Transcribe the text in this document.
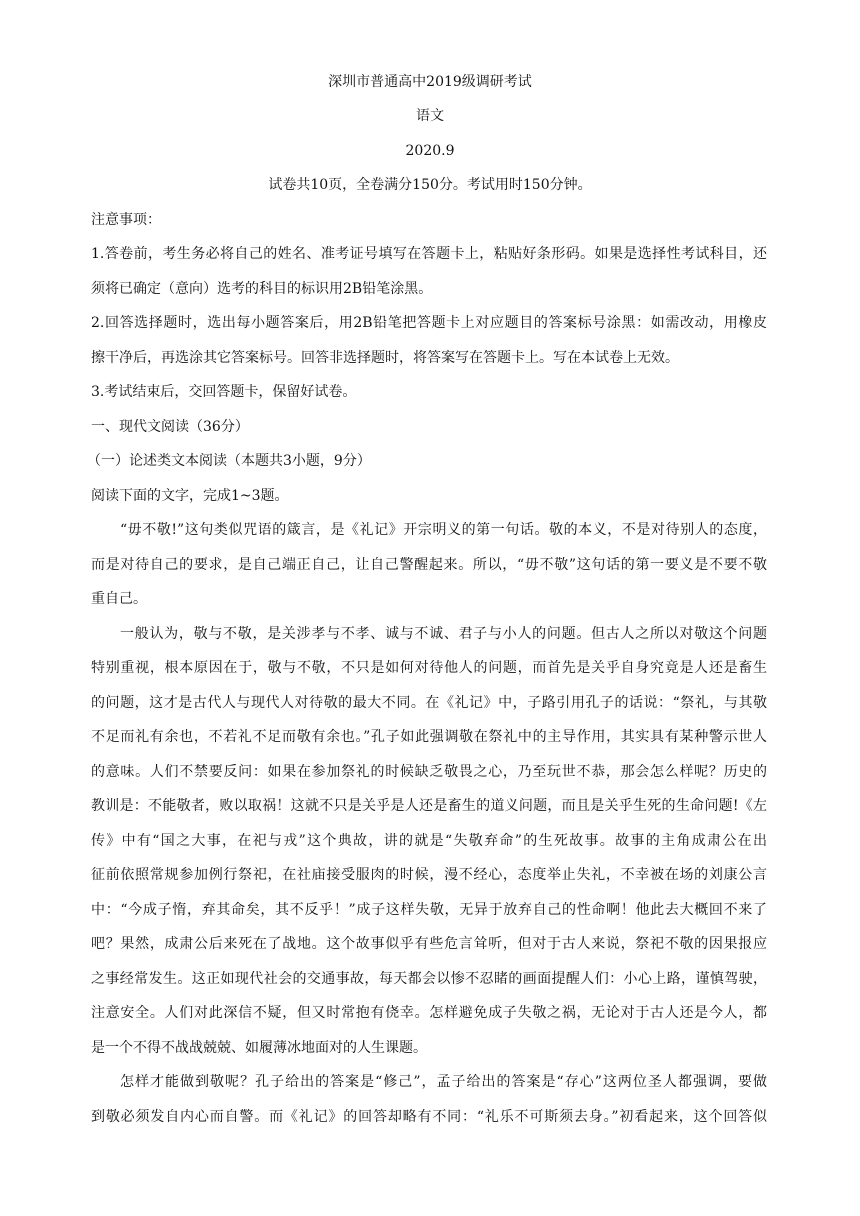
深圳市普通高中2019级调研考试
语文
2020.9
试卷共10页，全卷满分150分。考试用时150分钟。
注意事项：
1.答卷前，考生务必将自己的姓名、准考证号填写在答题卡上，粘贴好条形码。如果是选择性考试科目，还
须将已确定（意向）选考的科目的标识用2B铅笔涂黑。
2.回答选择题时，选出每小题答案后，用2B铅笔把答题卡上对应题目的答案标号涂黑：如需改动，用橡皮
擦干净后，再选涂其它答案标号。回答非选择题时，将答案写在答题卡上。写在本试卷上无效。
3.考试结束后，交回答题卡，保留好试卷。
一、现代文阅读（36分）
（一）论述类文本阅读（本题共3小题，9分）
阅读下面的文字，完成1~3题。
“毋不敬!”这句类似咒语的箴言，是《礼记》开宗明义的第一句话。敬的本义，不是对待别人的态度，
而是对待自己的要求，是自己端正自己，让自己警醒起来。所以，“毋不敬”这句话的第一要义是不要不敬
重自己。
一般认为，敬与不敬，是关涉孝与不孝、诚与不诚、君子与小人的问题。但古人之所以对敬这个问题
特别重视，根本原因在于，敬与不敬，不只是如何对待他人的问题，而首先是关乎自身究竟是人还是畜生
的问题，这才是古代人与现代人对待敬的最大不同。在《礼记》中，子路引用孔子的话说：“祭礼，与其敬
不足而礼有余也，不若礼不足而敬有余也。”孔子如此强调敬在祭礼中的主导作用，其实具有某种警示世人
的意味。人们不禁要反问：如果在参加祭礼的时候缺乏敬畏之心，乃至玩世不恭，那会怎么样呢？历史的
教训是：不能敬者，败以取祸！这就不只是关乎是人还是畜生的道义问题，而且是关乎生死的生命问题!《左
传》中有“国之大事，在祀与戎”这个典故，讲的就是“失敬弃命”的生死故事。故事的主角成肃公在出
征前依照常规参加例行祭祀，在社庙接受服肉的时候，漫不经心，态度举止失礼，不幸被在场的刘康公言
中：“今成子惰，弃其命矣，其不反乎！”成子这样失敬，无异于放弃自己的性命啊！他此去大概回不来了
吧？果然，成肃公后来死在了战地。这个故事似乎有些危言耸听，但对于古人来说，祭祀不敬的因果报应
之事经常发生。这正如现代社会的交通事故，每天都会以惨不忍睹的画面提醒人们：小心上路，谨慎驾驶，
注意安全。人们对此深信不疑，但又时常抱有侥幸。怎样避免成子失敬之祸，无论对于古人还是今人，都
是一个不得不战战兢兢、如履薄冰地面对的人生课题。
怎样才能做到敬呢？孔子给出的答案是“修己”，孟子给出的答案是“存心”这两位圣人都强调，要做
到敬必须发自内心而自警。而《礼记》的回答却略有不同：“礼乐不可斯须去身。”初看起来，这个回答似
